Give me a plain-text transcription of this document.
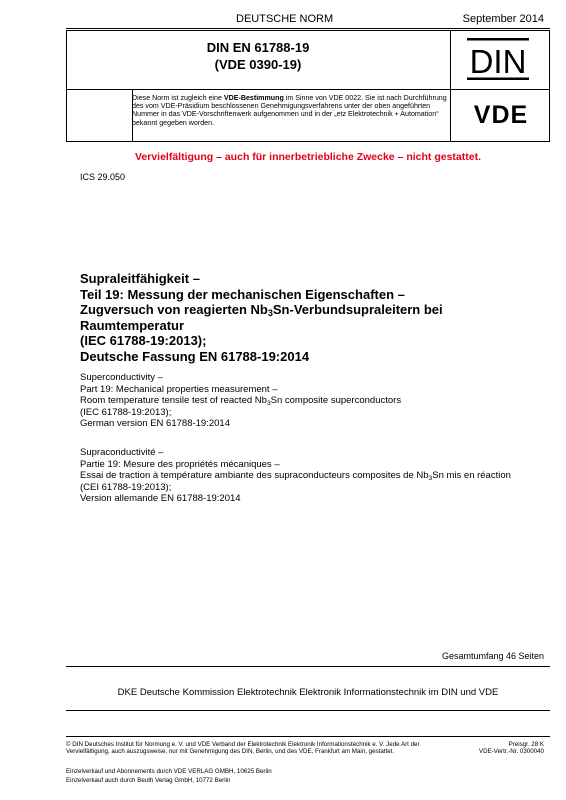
DEUTSCHE NORM	September 2014
DIN EN 61788-19
(VDE 0390-19)	DIN
VDE
Diese Norm ist zugleich eine VDE-Bestimmung im Sinne von VDE 0022. Sie ist nach Durchführung des vom VDE-Präsidium beschlossenen Genehmigungsverfahrens unter der oben angeführten Nummer in das VDE-Vorschriftenwerk aufgenommen und in der „etz Elektrotechnik + Automation“ bekannt gegeben worden.
Vervielfältigung – auch für innerbetriebliche Zwecke – nicht gestattet.
ICS 29.050
Supraleitfähigkeit –
Teil 19: Messung der mechanischen Eigenschaften –
Zugversuch von reagierten $Nb_3Sn$-Verbundsupraleitern bei
Raumtemperatur
(IEC 61788-19:2013);
Deutsche Fassung EN 61788-19:2014
Superconductivity –
Part 19: Mechanical properties measurement –
Room temperature tensile test of reacted $Nb_3Sn$ composite superconductors
(IEC 61788-19:2013);
German version EN 61788-19:2014
Supraconductivité –
Partie 19: Mesure des propriétés mécaniques –
Essai de traction à température ambiante des supraconducteurs composites de $Nb_3Sn$ mis en réaction
(CEI 61788-19:2013);
Version allemande EN 61788-19:2014
Gesamtumfang 46 Seiten
DKE Deutsche Kommission Elektrotechnik Elektronik Informationstechnik im DIN und VDE
© DIN Deutsches Institut für Normung e. V. und VDE Verband der Elektrotechnik Elektronik Informationstechnik e. V. Jede Art der Vervielfältigung, auch auszugsweise, nur mit Genehmigung des DIN, Berlin, und des VDE, Frankfurt am Main, gestattet.
Einzelverkauf und Abonnements durch VDE VERLAG GMBH, 10625 Berlin
Einzelverkauf auch durch Beuth Verlag GmbH, 10772 Berlin
Preisgr. 28 K
VDE-Vertr.-Nr. 0300040
